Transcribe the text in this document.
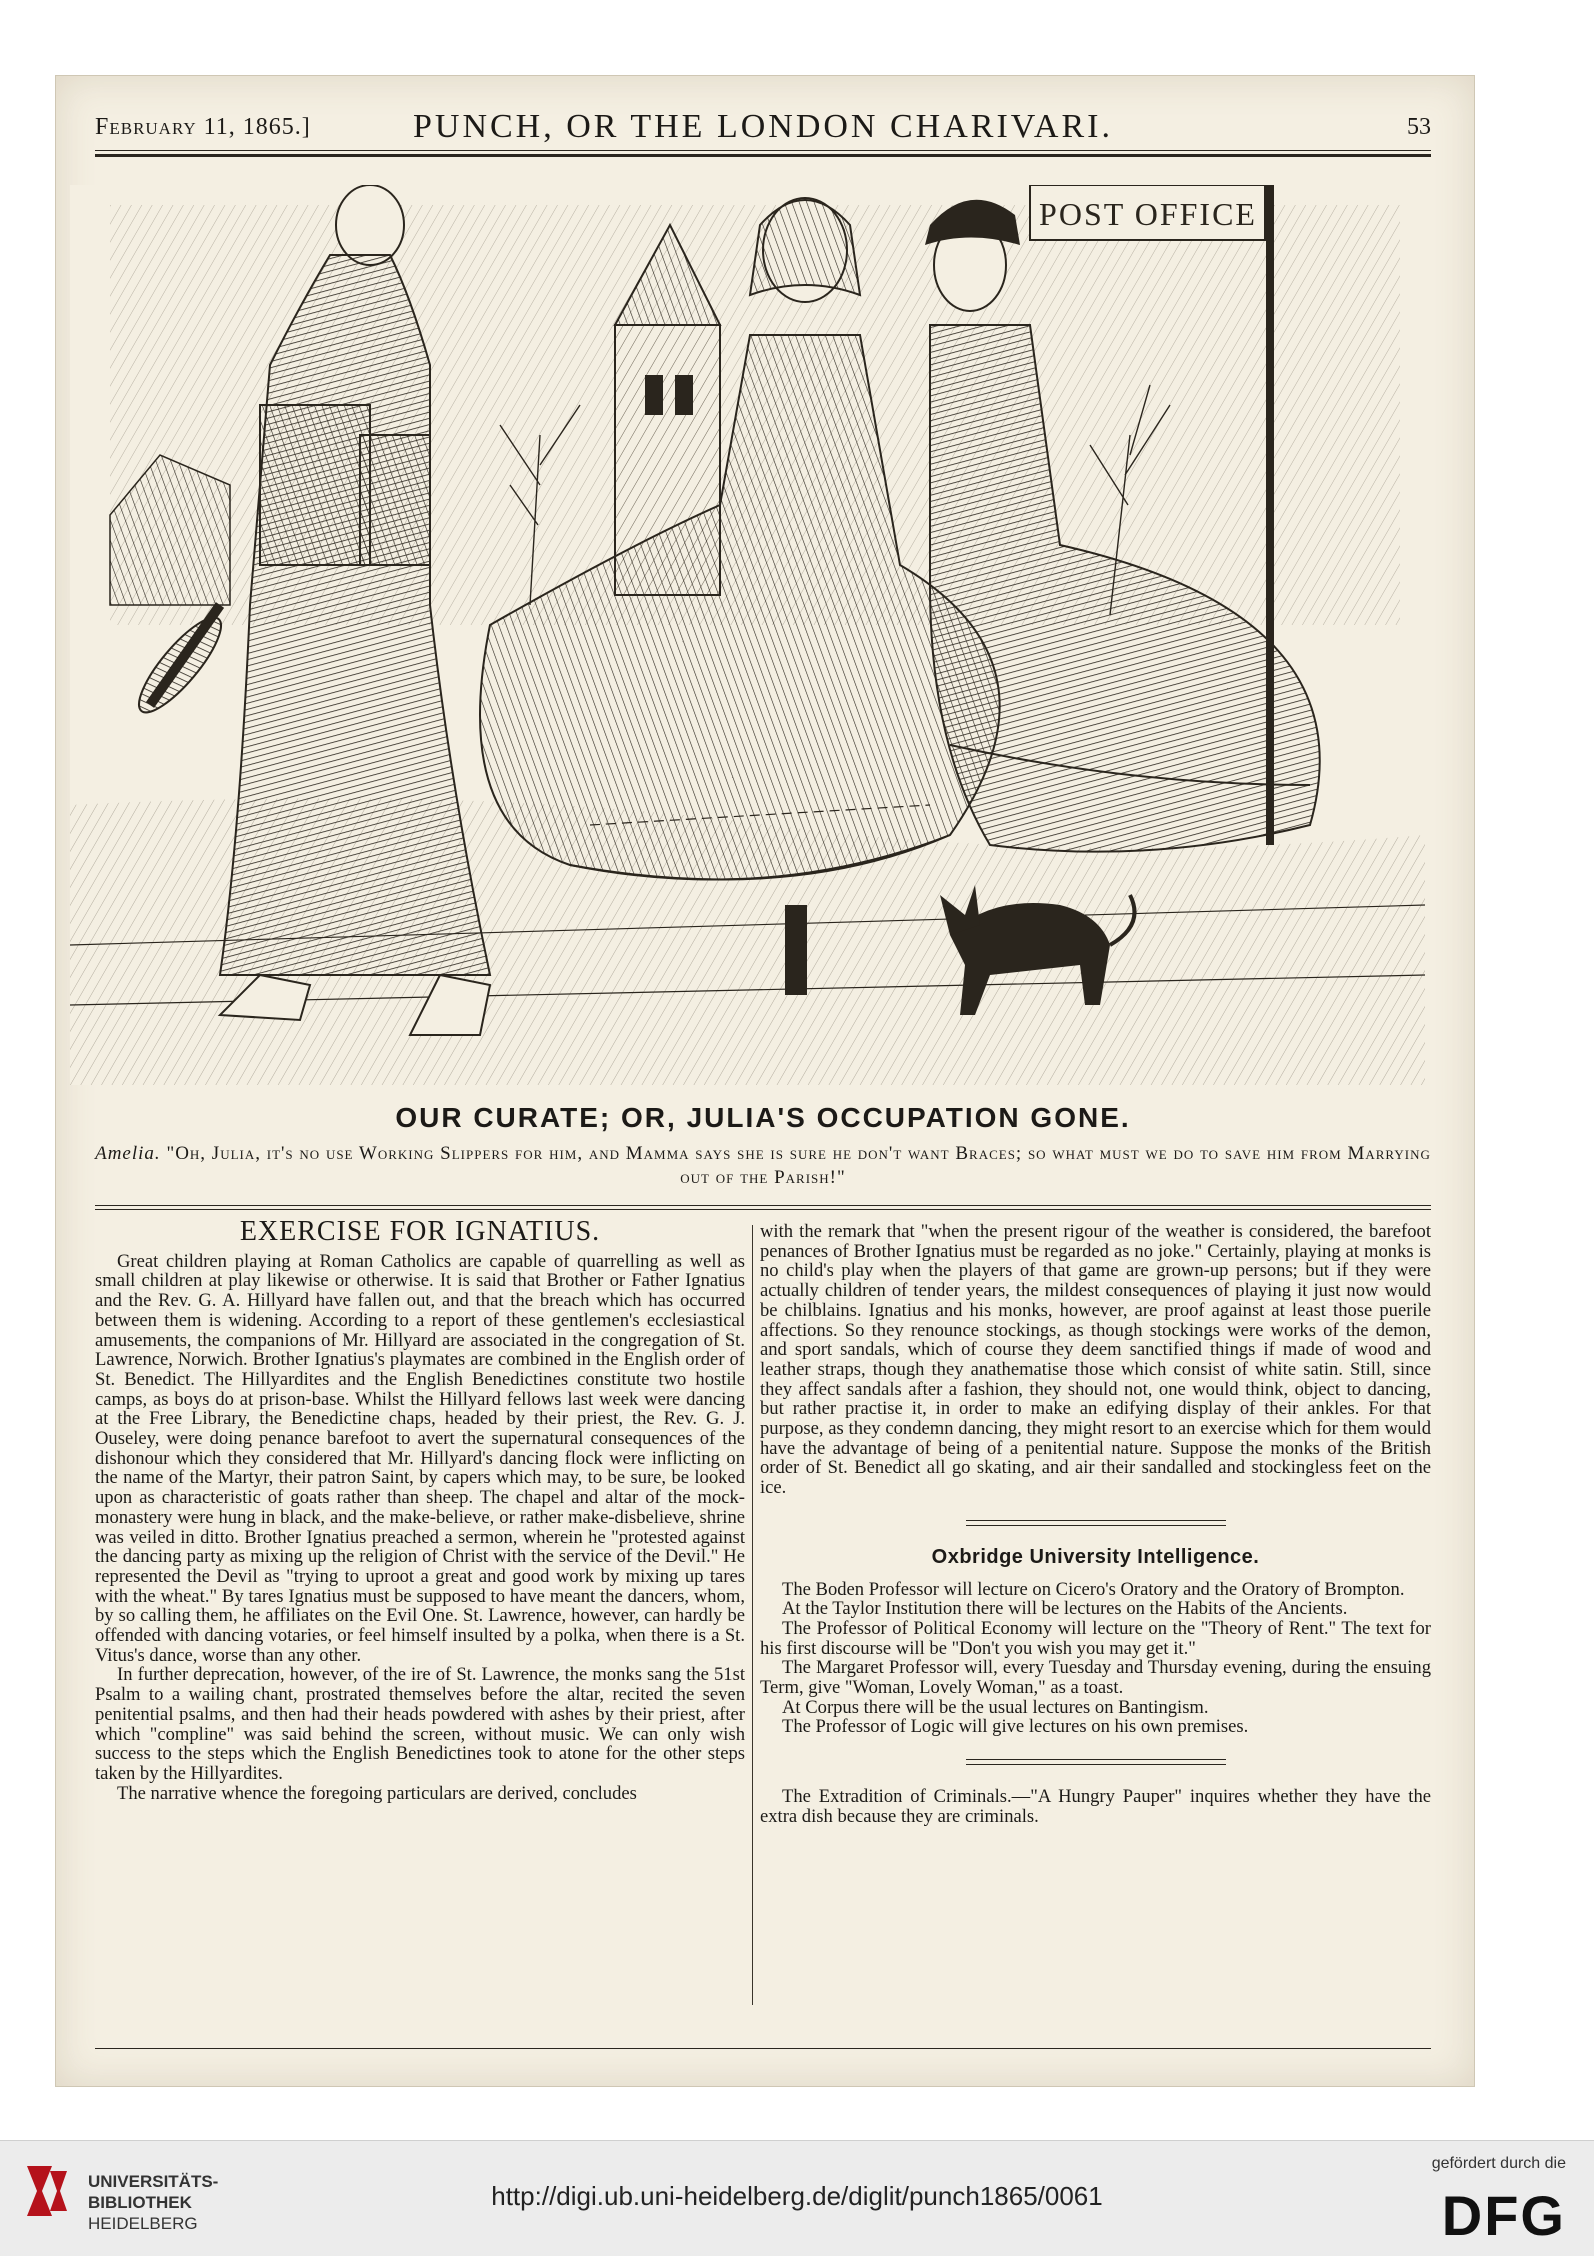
February 11, 1865.]	PUNCH, OR THE LONDON CHARIVARI.	53
POST OFFICE
OUR CURATE; OR, JULIA'S OCCUPATION GONE.
Amelia. "Oh, Julia, it's no use Working Slippers for him, and Mamma says she is sure he don't want Braces; so what must we do to save him from Marrying out of the Parish!"
EXERCISE FOR IGNATIUS.

Great children playing at Roman Catholics are capable of quarrelling as well as small children at play likewise or otherwise. It is said that Brother or Father Ignatius and the Rev. G. A. Hillyard have fallen out, and that the breach which has occurred between them is widening. According to a report of these gentlemen's ecclesiastical amusements, the companions of Mr. Hillyard are associated in the congregation of St. Lawrence, Norwich. Brother Ignatius's playmates are combined in the English order of St. Benedict. The Hillyardites and the English Benedictines constitute two hostile camps, as boys do at prison-base. Whilst the Hillyard fellows last week were dancing at the Free Library, the Benedictine chaps, headed by their priest, the Rev. G. J. Ouseley, were doing penance barefoot to avert the supernatural consequences of the dishonour which they considered that Mr. Hillyard's dancing flock were inflicting on the name of the Martyr, their patron Saint, by capers which may, to be sure, be looked upon as characteristic of goats rather than sheep. The chapel and altar of the mock-monastery were hung in black, and the make-believe, or rather make-disbelieve, shrine was veiled in ditto. Brother Ignatius preached a sermon, wherein he "protested against the dancing party as mixing up the religion of Christ with the service of the Devil." He represented the Devil as "trying to uproot a great and good work by mixing up tares with the wheat." By tares Ignatius must be supposed to have meant the dancers, whom, by so calling them, he affiliates on the Evil One. St. Lawrence, however, can hardly be offended with dancing votaries, or feel himself insulted by a polka, when there is a St. Vitus's dance, worse than any other.

In further deprecation, however, of the ire of St. Lawrence, the monks sang the 51st Psalm to a wailing chant, prostrated themselves before the altar, recited the seven penitential psalms, and then had their heads powdered with ashes by their priest, after which "compline" was said behind the screen, without music. We can only wish success to the steps which the English Benedictines took to atone for the other steps taken by the Hillyardites.

The narrative whence the foregoing particulars are derived, concludes

with the remark that "when the present rigour of the weather is considered, the barefoot penances of Brother Ignatius must be regarded as no joke." Certainly, playing at monks is no child's play when the players of that game are grown-up persons; but if they were actually children of tender years, the mildest consequences of playing it just now would be chilblains. Ignatius and his monks, however, are proof against at least those puerile affections. So they renounce stockings, as though stockings were works of the demon, and sport sandals, which of course they deem sanctified things if made of wood and leather straps, though they anathematise those which consist of white satin. Still, since they affect sandals after a fashion, they should not, one would think, object to dancing, but rather practise it, in order to make an edifying display of their ankles. For that purpose, as they condemn dancing, they might resort to an exercise which for them would have the advantage of being of a penitential nature. Suppose the monks of the British order of St. Benedict all go skating, and air their sandalled and stockingless feet on the ice.

Oxbridge University Intelligence.

The Boden Professor will lecture on Cicero's Oratory and the Oratory of Brompton.

At the Taylor Institution there will be lectures on the Habits of the Ancients.

The Professor of Political Economy will lecture on the "Theory of Rent." The text for his first discourse will be "Don't you wish you may get it."

The Margaret Professor will, every Tuesday and Thursday evening, during the ensuing Term, give "Woman, Lovely Woman," as a toast.

At Corpus there will be the usual lectures on Bantingism.

The Professor of Logic will give lectures on his own premises.

The Extradition of Criminals.—"A Hungry Pauper" inquires whether they have the extra dish because they are criminals.

UNIVERSITÄTS-
BIBLIOTHEK
HEIDELBERG
http://digi.ub.uni-heidelberg.de/diglit/punch1865/0061
gefördert durch die
DFG
